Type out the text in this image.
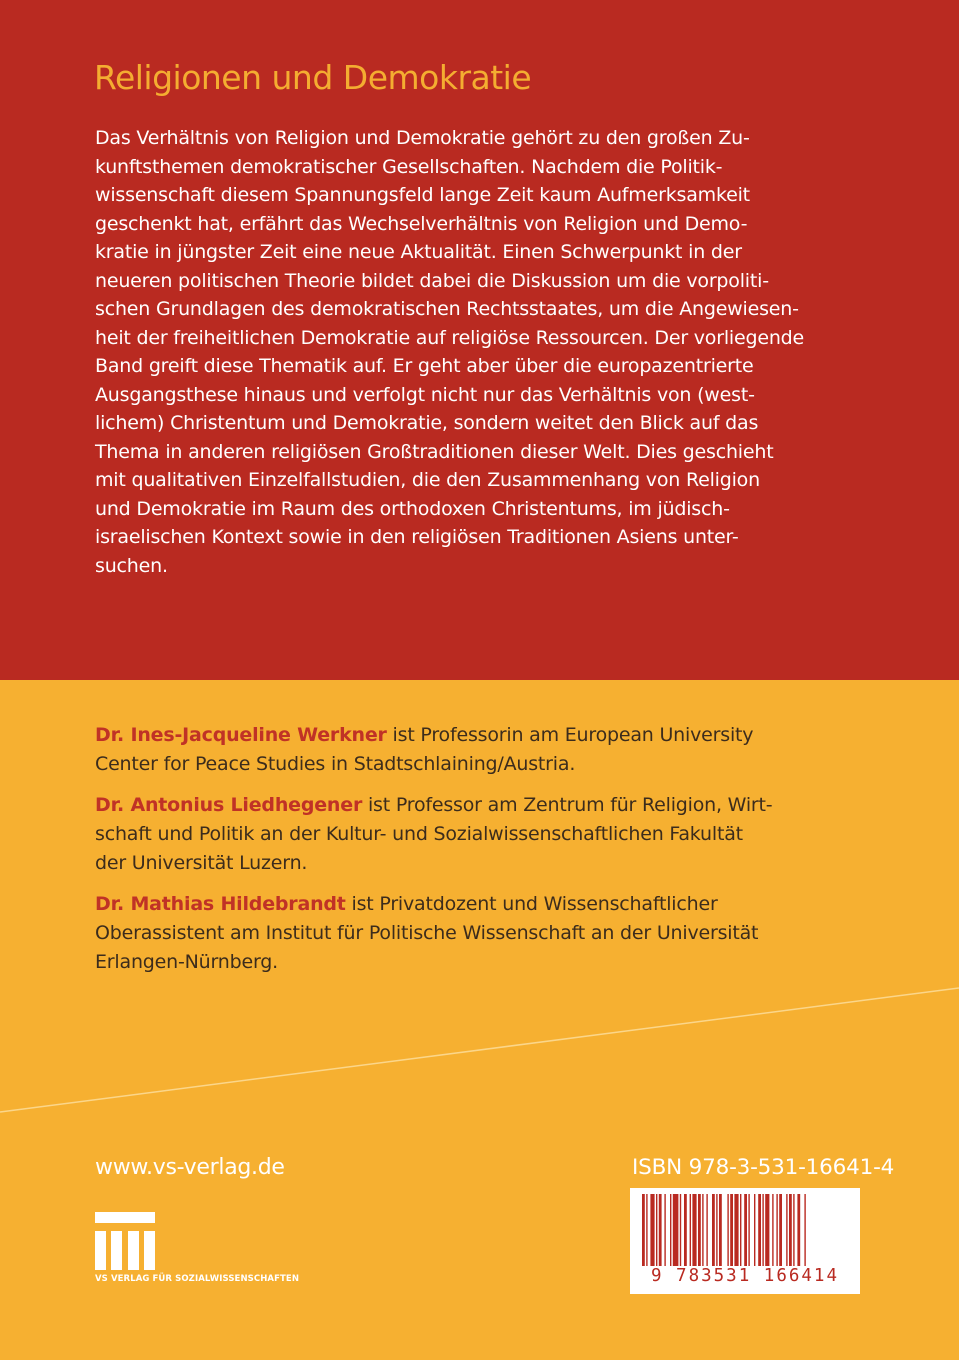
Religionen und Demokratie
Das Verhältnis von Religion und Demokratie gehört zu den großen Zu-
kunftsthemen demokratischer Gesellschaften. Nachdem die Politik-
wissenschaft diesem Spannungsfeld lange Zeit kaum Aufmerksamkeit
geschenkt hat, erfährt das Wechselverhältnis von Religion und Demo-
kratie in jüngster Zeit eine neue Aktualität. Einen Schwerpunkt in der
neueren politischen Theorie bildet dabei die Diskussion um die vorpoliti-
schen Grundlagen des demokratischen Rechtsstaates, um die Angewiesen-
heit der freiheitlichen Demokratie auf religiöse Ressourcen. Der vorliegende
Band greift diese Thematik auf. Er geht aber über die europazentrierte
Ausgangsthese hinaus und verfolgt nicht nur das Verhältnis von (west-
lichem) Christentum und Demokratie, sondern weitet den Blick auf das
Thema in anderen religiösen Großtraditionen dieser Welt. Dies geschieht
mit qualitativen Einzelfallstudien, die den Zusammenhang von Religion
und Demokratie im Raum des orthodoxen Christentums, im jüdisch-
israelischen Kontext sowie in den religiösen Traditionen Asiens unter-
suchen.
Dr. Ines-Jacqueline Werkner ist Professorin am European University
Center for Peace Studies in Stadtschlaining/Austria.
Dr. Antonius Liedhegener ist Professor am Zentrum für Religion, Wirt-
schaft und Politik an der Kultur- und Sozialwissenschaftlichen Fakultät
der Universität Luzern.
Dr. Mathias Hildebrandt ist Privatdozent und Wissenschaftlicher
Oberassistent am Institut für Politische Wissenschaft an der Universität
Erlangen-Nürnberg.
www.vs-verlag.de
VS VERLAG FÜR SOZIALWISSENSCHAFTEN
ISBN 978-3-531-16641-4
9 783531 166414
